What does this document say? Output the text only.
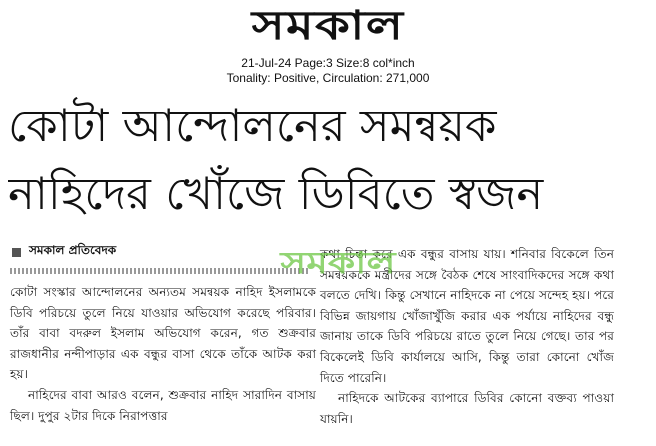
সমকাল
21-Jul-24 Page:3 Size:8 col*inch
Tonality: Positive, Circulation: 271,000
কোটা আন্দোলনের সমন্বয়ক
নাহিদের খোঁজে ডিবিতে স্বজন
সমকাল প্রতিবেদক

কোটা সংস্কার আন্দোলনের অন্যতম সমন্বয়ক নাহিদ ইসলামকে ডিবি পরিচয়ে তুলে নিয়ে যাওয়ার অভিযোগ করেছে পরিবার। তাঁর বাবা বদরুল ইসলাম অভিযোগ করেন, গত শুক্রবার রাজধানীর নন্দীপাড়ার এক বন্ধুর বাসা থেকে তাঁকে আটক করা হয়।

নাহিদের বাবা আরও বলেন, শুক্রবার নাহিদ সারাদিন বাসায় ছিল। দুপুর ২টার দিকে নিরাপত্তার

কথা চিন্তা করে এক বন্ধুর বাসায় যায়। শনিবার বিকেলে তিন সমন্বয়ককে মন্ত্রীদের সঙ্গে বৈঠক শেষে সাংবাদিকদের সঙ্গে কথা বলতে দেখি। কিন্তু সেখানে নাহিদকে না পেয়ে সন্দেহ হয়। পরে বিভিন্ন জায়গায় খোঁজাখুঁজি করার এক পর্যায়ে নাহিদের বন্ধু জানায় তাকে ডিবি পরিচয়ে রাতে তুলে নিয়ে গেছে। তার পর বিকেলেই ডিবি কার্যালয়ে আসি, কিন্তু তারা কোনো খোঁজ দিতে পারেনি।

নাহিদকে আটকের ব্যাপারে ডিবির কোনো বক্তব্য পাওয়া যায়নি।

সমকাল
